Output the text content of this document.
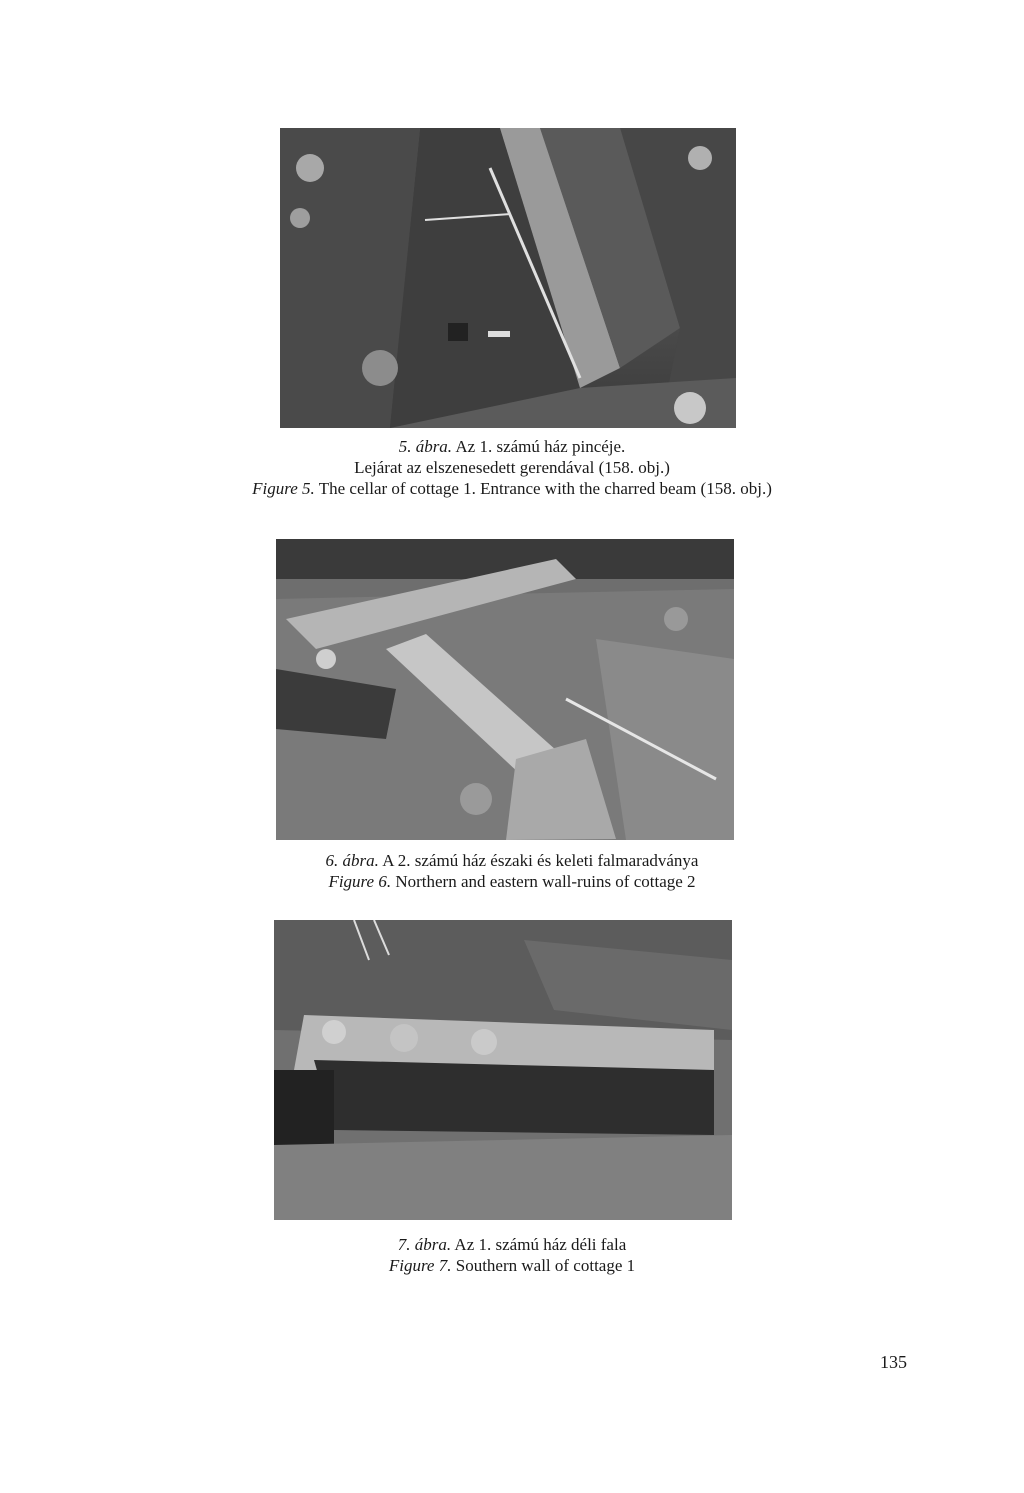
5. ábra. Az 1. számú ház pincéje.
Lejárat az elszenesedett gerendával (158. obj.)
Figure 5. The cellar of cottage 1. Entrance with the charred beam (158. obj.)
6. ábra. A 2. számú ház északi és keleti falmaradványa
Figure 6. Northern and eastern wall-ruins of cottage 2
7. ábra. Az 1. számú ház déli fala
Figure 7. Southern wall of cottage 1
135
